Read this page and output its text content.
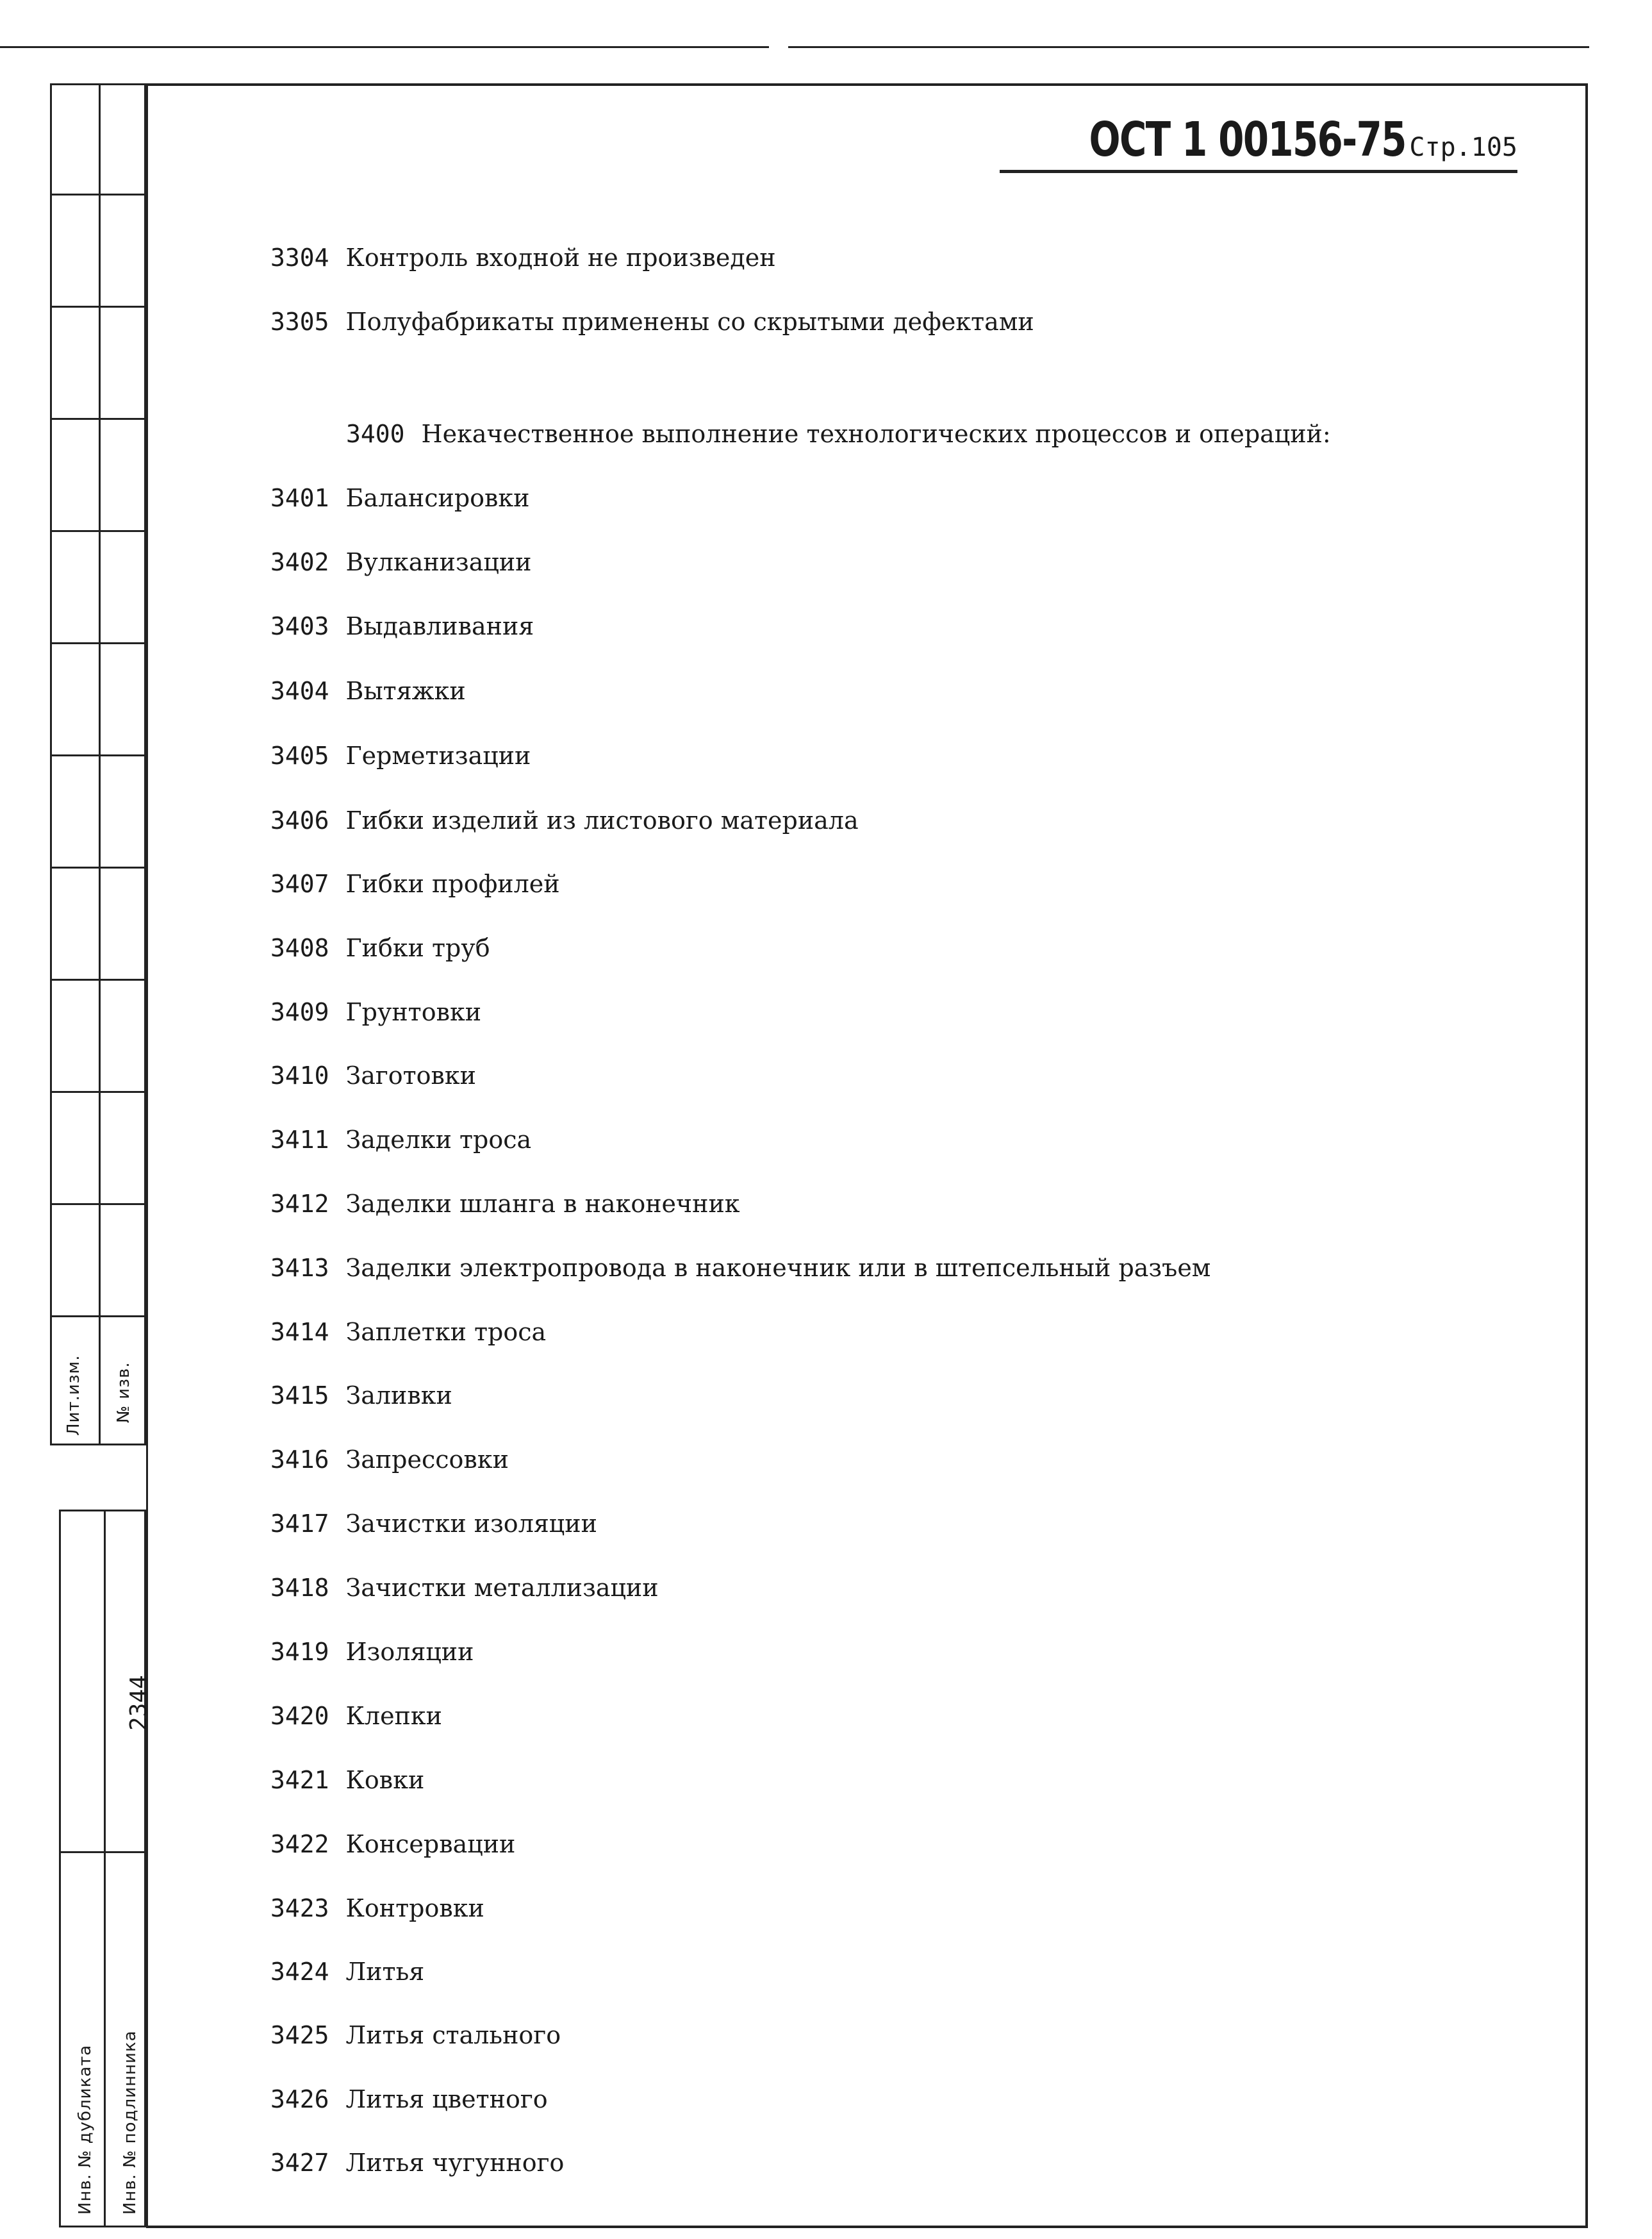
Лит.изм. № изв.
2344
Инв. № дубликата Инв. № подлинника
ОСТ 1 00156-75 Стр.105
3304 Контроль входной не произведен
3305 Полуфабрикаты применены со скрытыми дефектами
3400 Некачественное выполнение технологических процессов и операций:
3401 Балансировки
3402 Вулканизации
3403 Выдавливания
3404 Вытяжки
3405 Герметизации
3406 Гибки изделий из листового материала
3407 Гибки профилей
3408 Гибки труб
3409 Грунтовки
3410 Заготовки
3411 Заделки троса
3412 Заделки шланга в наконечник
3413 Заделки электропровода в наконечник или в штепсельный разъем
3414 Заплетки троса
3415 Заливки
3416 Запрессовки
3417 Зачистки изоляции
3418 Зачистки металлизации
3419 Изоляции
3420 Клепки
3421 Ковки
3422 Консервации
3423 Контровки
3424 Литья
3425 Литья стального
3426 Литья цветного
3427 Литья чугунного
